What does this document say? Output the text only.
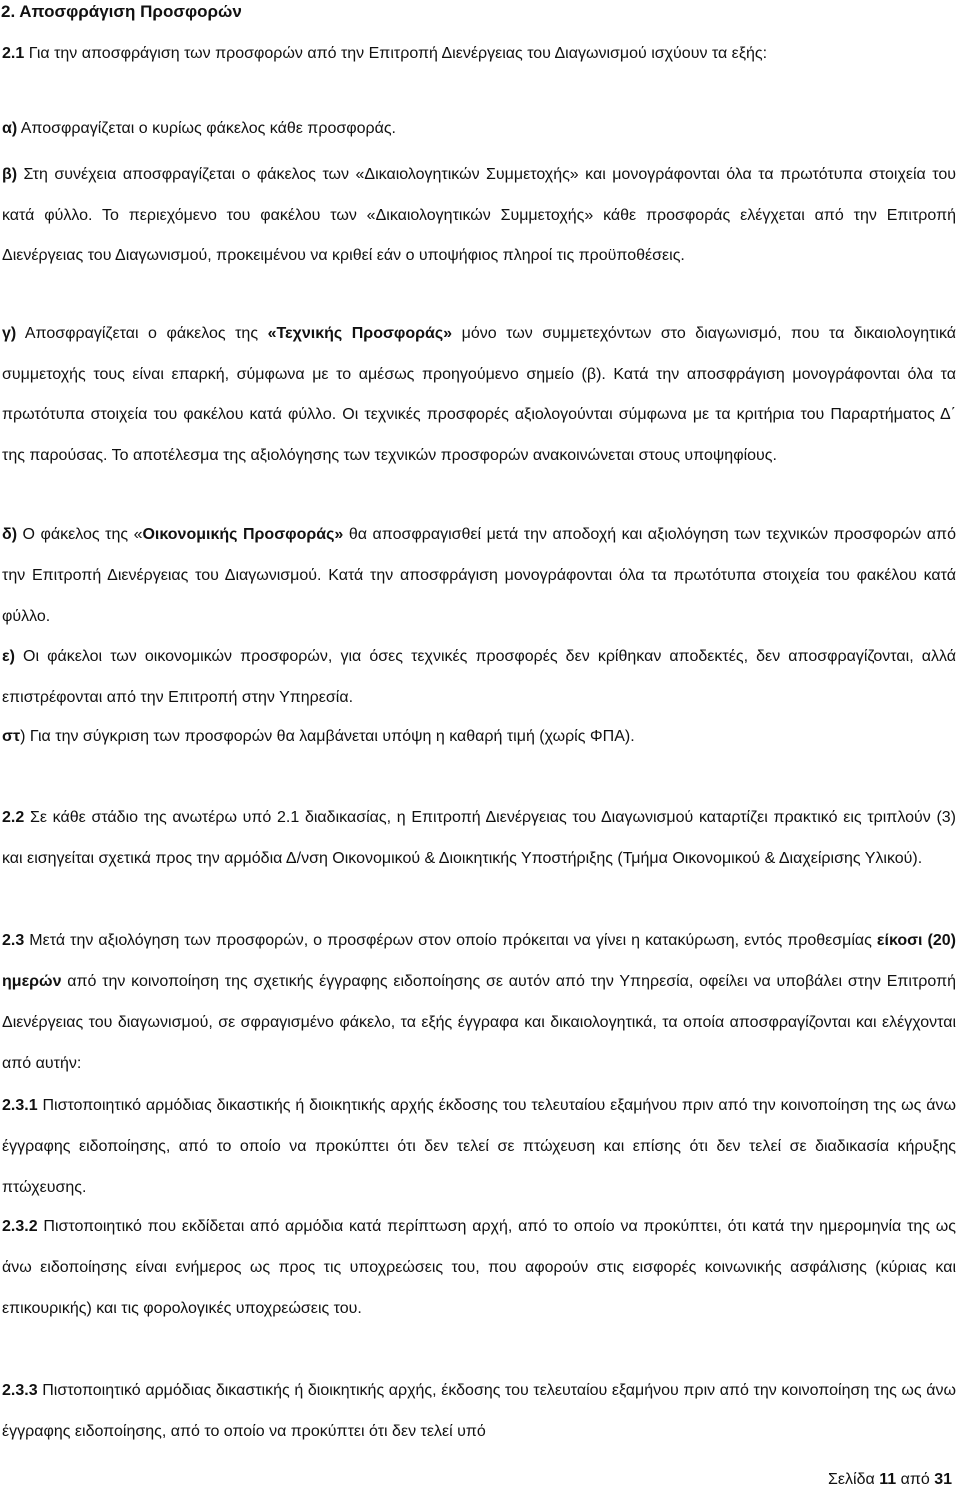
2. Αποσφράγιση Προσφορών

2.1 Για την αποσφράγιση των προσφορών από την Επιτροπή Διενέργειας του Διαγωνισμού ισχύουν τα εξής:

α) Αποσφραγίζεται ο κυρίως φάκελος κάθε προσφοράς.

β) Στη συνέχεια αποσφραγίζεται ο φάκελος των «Δικαιολογητικών Συμμετοχής» και μονογράφονται όλα τα πρωτότυπα στοιχεία του κατά φύλλο. Το περιεχόμενο του φακέλου των «Δικαιολογητικών Συμμετοχής» κάθε προσφοράς ελέγχεται από την Επιτροπή Διενέργειας του Διαγωνισμού, προκειμένου να κριθεί εάν ο υποψήφιος πληροί τις προϋποθέσεις.

γ) Αποσφραγίζεται ο φάκελος της «Τεχνικής Προσφοράς» μόνο των συμμετεχόντων στο διαγωνισμό, που τα δικαιολογητικά συμμετοχής τους είναι επαρκή, σύμφωνα με το αμέσως προηγούμενο σημείο (β). Κατά την αποσφράγιση μονογράφονται όλα τα πρωτότυπα στοιχεία του φακέλου κατά φύλλο. Οι τεχνικές προσφορές αξιολογούνται σύμφωνα με τα κριτήρια του Παραρτήματος Δ΄ της παρούσας. Το αποτέλεσμα της αξιολόγησης των τεχνικών προσφορών ανακοινώνεται στους υποψηφίους.

δ) Ο φάκελος της «Οικονομικής Προσφοράς» θα αποσφραγισθεί μετά την αποδοχή και αξιολόγηση των τεχνικών προσφορών από την Επιτροπή Διενέργειας του Διαγωνισμού. Κατά την αποσφράγιση μονογράφονται όλα τα πρωτότυπα στοιχεία του φακέλου κατά φύλλο.

ε) Οι φάκελοι των οικονομικών προσφορών, για όσες τεχνικές προσφορές δεν κρίθηκαν αποδεκτές, δεν αποσφραγίζονται, αλλά επιστρέφονται από την Επιτροπή στην Υπηρεσία.

στ) Για την σύγκριση των προσφορών θα λαμβάνεται υπόψη η καθαρή τιμή (χωρίς ΦΠΑ).

2.2 Σε κάθε στάδιο της ανωτέρω υπό 2.1 διαδικασίας, η Επιτροπή Διενέργειας του Διαγωνισμού καταρτίζει πρακτικό εις τριπλούν (3) και εισηγείται σχετικά προς την αρμόδια Δ/νση Οικονομικού & Διοικητικής Υποστήριξης (Τμήμα Οικονομικού & Διαχείρισης Υλικού).

2.3 Μετά την αξιολόγηση των προσφορών, ο προσφέρων στον οποίο πρόκειται να γίνει η κατακύρωση, εντός προθεσμίας είκοσι (20) ημερών από την κοινοποίηση της σχετικής έγγραφης ειδοποίησης σε αυτόν από την Υπηρεσία, οφείλει να υποβάλει στην Επιτροπή Διενέργειας του διαγωνισμού, σε σφραγισμένο φάκελο, τα εξής έγγραφα και δικαιολογητικά, τα οποία αποσφραγίζονται και ελέγχονται από αυτήν:

2.3.1 Πιστοποιητικό αρμόδιας δικαστικής ή διοικητικής αρχής έκδοσης του τελευταίου εξαμήνου πριν από την κοινοποίηση της ως άνω έγγραφης ειδοποίησης, από το οποίο να προκύπτει ότι δεν τελεί σε πτώχευση και επίσης ότι δεν τελεί σε διαδικασία κήρυξης πτώχευσης.

2.3.2 Πιστοποιητικό που εκδίδεται από αρμόδια κατά περίπτωση αρχή, από το οποίο να προκύπτει, ότι κατά την ημερομηνία της ως άνω ειδοποίησης είναι ενήμερος ως προς τις υποχρεώσεις του, που αφορούν στις εισφορές κοινωνικής ασφάλισης (κύριας και επικουρικής) και τις φορολογικές υποχρεώσεις του.

2.3.3 Πιστοποιητικό αρμόδιας δικαστικής ή διοικητικής αρχής, έκδοσης του τελευταίου εξαμήνου πριν από την κοινοποίηση της ως άνω έγγραφης ειδοποίησης, από το οποίο να προκύπτει ότι δεν τελεί υπό

Σελίδα 11 από 31
